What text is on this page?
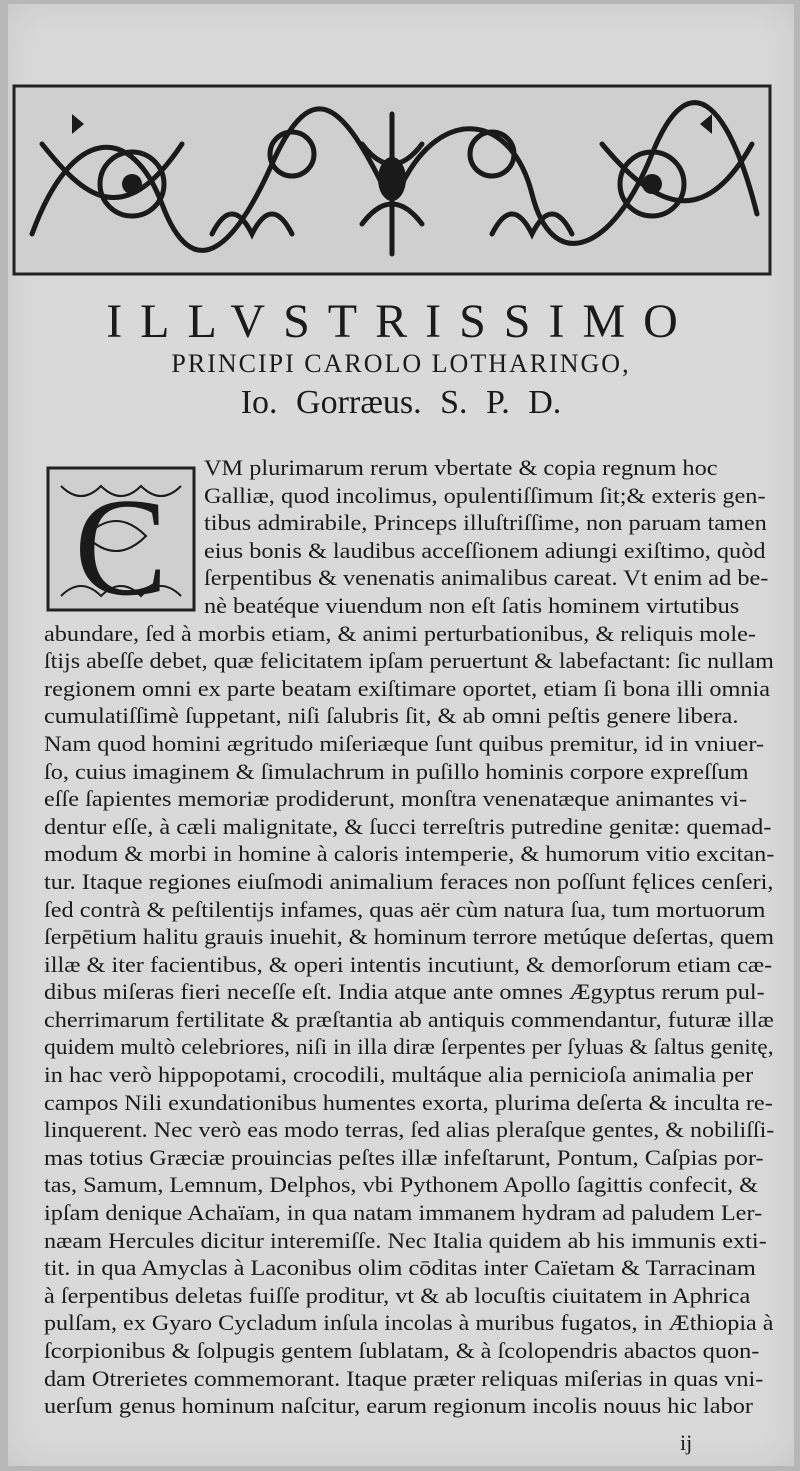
ILLVSTRISSIMO
PRINCIPI CAROLO LOTHARINGO,
Io. Gorræus. S. P. D.
C
VM plurimarum rerum vbertate & copia regnum hoc
Galliæ, quod incolimus, opulentiſſimum ſit;& exteris gen-
tibus admirabile, Princeps illuſtriſſime, non paruam tamen
eius bonis & laudibus acceſſionem adiungi exiſtimo, quòd
ſerpentibus & venenatis animalibus careat. Vt enim ad be-
nè beatéque viuendum non eſt ſatis hominem virtutibus
abundare, ſed à morbis etiam, & animi perturbationibus, & reliquis mole-
ſtijs abeſſe debet, quæ felicitatem ipſam peruertunt & labefactant: ſic nullam
regionem omni ex parte beatam exiſtimare oportet, etiam ſi bona illi omnia
cumulatiſſimè ſuppetant, niſi ſalubris ſit, & ab omni peſtis genere libera.
Nam quod homini ægritudo miſeriæque ſunt quibus premitur, id in vniuer-
ſo, cuius imaginem & ſimulachrum in puſillo hominis corpore expreſſum
eſſe ſapientes memoriæ prodiderunt, monſtra venenatæque animantes vi-
dentur eſſe, à cæli malignitate, & ſucci terreſtris putredine genitæ: quemad-
modum & morbi in homine à caloris intemperie, & humorum vitio excitan-
tur. Itaque regiones eiuſmodi animalium feraces non poſſunt fęlices cenſeri,
ſed contrà & peſtilentijs infames, quas aër cùm natura ſua, tum mortuorum
ſerpētium halitu grauis inuehit, & hominum terrore metúque deſertas, quem
illæ & iter facientibus, & operi intentis incutiunt, & demorſorum etiam cæ-
dibus miſeras fieri neceſſe eſt. India atque ante omnes Ægyptus rerum pul-
cherrimarum fertilitate & præſtantia ab antiquis commendantur, futuræ illæ
quidem multò celebriores, niſi in illa diræ ſerpentes per ſyluas & ſaltus genitę,
in hac verò hippopotami, crocodili, multáque alia pernicioſa animalia per
campos Nili exundationibus humentes exorta, plurima deſerta & inculta re-
linquerent. Nec verò eas modo terras, ſed alias pleraſque gentes, & nobiliſſi-
mas totius Græciæ prouincias peſtes illæ infeſtarunt, Pontum, Caſpias por-
tas, Samum, Lemnum, Delphos, vbi Pythonem Apollo ſagittis confecit, &
ipſam denique Achaïam, in qua natam immanem hydram ad paludem Ler-
næam Hercules dicitur interemiſſe. Nec Italia quidem ab his immunis exti-
tit. in qua Amyclas à Laconibus olim cōditas inter Caïetam & Tarracinam
à ſerpentibus deletas fuiſſe proditur, vt & ab locuſtis ciuitatem in Aphrica
pulſam, ex Gyaro Cycladum inſula incolas à muribus fugatos, in Æthiopia à
ſcorpionibus & ſolpugis gentem ſublatam, & à ſcolopendris abactos quon-
dam Otrerietes commemorant. Itaque præter reliquas miſerias in quas vni-
uerſum genus hominum naſcitur, earum regionum incolis nouus hic labor
ij
